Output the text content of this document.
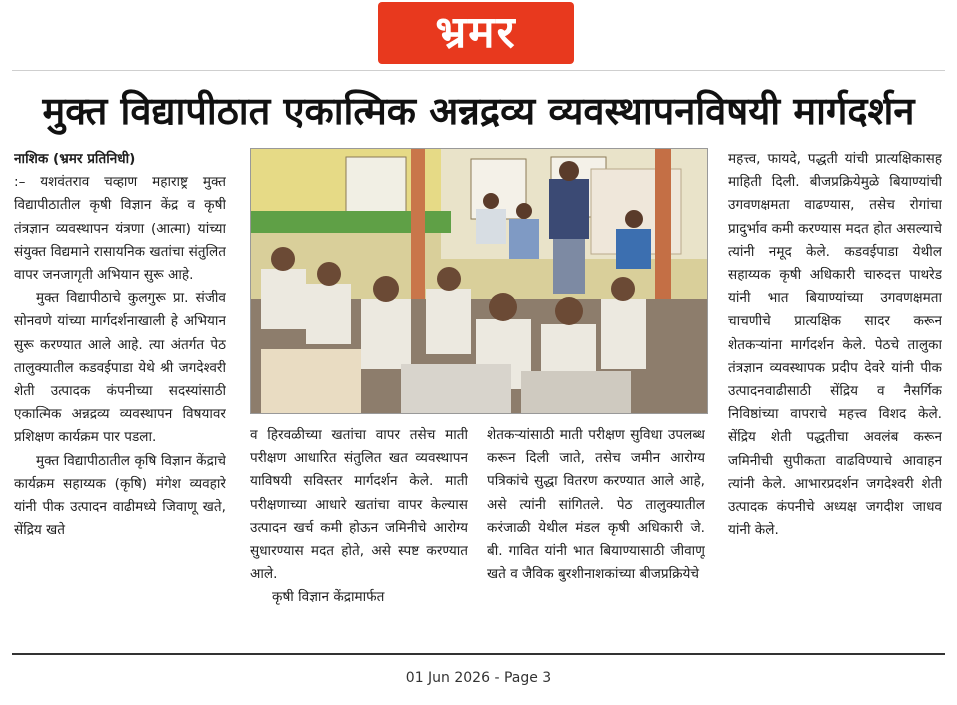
भ्रमर
मुक्त विद्यापीठात एकात्मिक अन्नद्रव्य व्यवस्थापनविषयी मार्गदर्शन

नाशिक (भ्रमर प्रतिनिधी)

:– यशवंतराव चव्हाण महाराष्ट्र मुक्त विद्यापीठातील कृषी विज्ञान केंद्र व कृषी तंत्रज्ञान व्यवस्थापन यंत्रणा (आत्मा) यांच्या संयुक्त विद्यमाने रासायनिक खतांचा संतुलित वापर जनजागृती अभियान सुरू आहे.

मुक्त विद्यापीठाचे कुलगुरू प्रा. संजीव सोनवणे यांच्या मार्गदर्शनाखाली हे अभियान सुरू करण्यात आले आहे. त्या अंतर्गत पेठ तालुक्यातील कडवईपाडा येथे श्री जगदेश्वरी शेती उत्पादक कंपनीच्या सदस्यांसाठी एकात्मिक अन्नद्रव्य व्यवस्थापन विषयावर प्रशिक्षण कार्यक्रम पार पडला.

मुक्त विद्यापीठातील कृषि विज्ञान केंद्राचे कार्यक्रम सहाय्यक (कृषि) मंगेश व्यवहारे यांनी पीक उत्पादन वाढीमध्ये जिवाणू खते, सेंद्रिय खते

व हिरवळीच्या खतांचा वापर तसेच माती परीक्षण आधारित संतुलित खत व्यवस्थापन याविषयी सविस्तर मार्गदर्शन केले. माती परीक्षणाच्या आधारे खतांचा वापर केल्यास उत्पादन खर्च कमी होऊन जमिनीचे आरोग्य सुधारण्यास मदत होते, असे स्पष्ट करण्यात आले.

कृषी विज्ञान केंद्रामार्फत

शेतकऱ्यांसाठी माती परीक्षण सुविधा उपलब्ध करून दिली जाते, तसेच जमीन आरोग्य पत्रिकांचे सुद्धा वितरण करण्यात आले आहे, असे त्यांनी सांगितले. पेठ तालुक्यातील करंजाळी येथील मंडल कृषी अधिकारी जे. बी. गावित यांनी भात बियाण्यासाठी जीवाणू खते व जैविक बुरशीनाशकांच्या बीजप्रक्रियेचे

महत्त्व, फायदे, पद्धती यांची प्रात्यक्षिकासह माहिती दिली. बीजप्रक्रियेमुळे बियाण्यांची उगवणक्षमता वाढण्यास, तसेच रोगांचा प्रादुर्भाव कमी करण्यास मदत होत असल्याचे त्यांनी नमूद केले. कडवईपाडा येथील सहाय्यक कृषी अधिकारी चारुदत्त पाथरेड यांनी भात बियाण्यांच्या उगवणक्षमता चाचणीचे प्रात्यक्षिक सादर करून शेतकऱ्यांना मार्गदर्शन केले. पेठचे तालुका तंत्रज्ञान व्यवस्थापक प्रदीप देवरे यांनी पीक उत्पादनवाढीसाठी सेंद्रिय व नैसर्गिक निविष्ठांच्या वापराचे महत्त्व विशद केले. सेंद्रिय शेती पद्धतीचा अवलंब करून जमिनीची सुपीकता वाढविण्याचे आवाहन त्यांनी केले. आभारप्रदर्शन जगदेश्वरी शेती उत्पादक कंपनीचे अध्यक्ष जगदीश जाधव यांनी केले.

01 Jun 2026 - Page 3
